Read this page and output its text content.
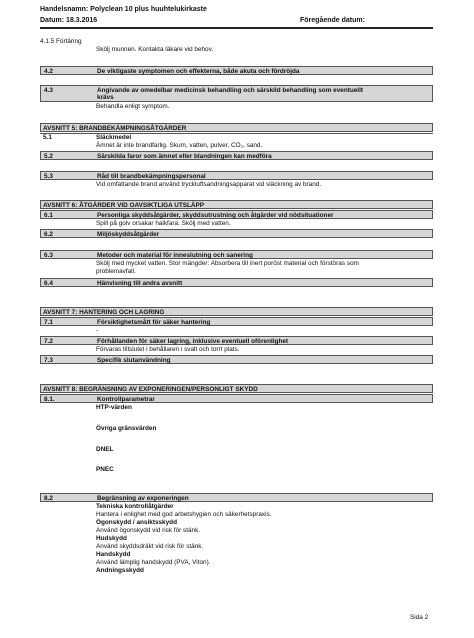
Handelsnamn: Polyclean 10 plus huuhtelukirkaste
Datum: 18.3.2016	Föregående datum:
4.1.5 Förtäring
Skölj munnen. Kontakta läkare vid behov.
4.2	De viktigaste symptomen och effekterna, både akuta och fördröjda
4.3	Angivande av omedelbar medicinsk behandling och särskild behandling som eventuellt
krävs
Behandla enligt symptom.
AVSNITT 5: BRANDBEKÄMPNINGSÅTGÄRDER
5.1	Släckmedel
Ämnet är inte brandfarlig. Skum, vatten, pulver, CO₂, sand.
5.2	Särskilda faror som ämnet eller blandningen kan medföra
5.3	Råd till brandbekämpningspersonal
Vid omfattande brand använd tryckluftsandningsapparat vid släckning av brand.
AVSNITT 6: ÅTGÄRDER VID OAVSIKTLIGA UTSLÄPP
6.1	Personliga skyddsåtgärder, skyddsutrustning och åtgärder vid nödsituationer
Spill på golv orsakar halkfara. Skölj med vatten.
6.2	Miljöskyddsåtgärder
6.3	Metoder och material för inneslutning och sanering
Skölj med mycket vatten. Stor mängder: Absorbera till inert poröst material och förstöras som
problemavfall.
6.4	Hänvisning till andra avsnitt
AVSNITT 7: HANTERING OCH LAGRING
7.1	Försiktighetsmått för säker hantering
-
7.2	Förhållanden för säker lagring, inklusive eventuell oförenlighet
Förvaras tillslutet i behållaren i svalt och torrt plats.
7.3	Specifik slutanvändning
AVSNITT 8: BEGRÄNSNING AV EXPONERINGEN/PERSONLIGT SKYDD
8.1.	Kontrollparametrar
HTP-värden
Övriga gränsvärden
DNEL
PNEC
8.2	Begränsning av exponeringen
Tekniska kontrollåtgärder
Hantera i enlighet med god arbetshygien och säkerhetspraxis.
Ögonskydd / ansiktsskydd
Använd ögonskydd vid risk för stänk.
Hudskydd
Använd skyddsdräkt vid risk för stänk.
Handskydd
Använd lämplig handskydd (PVA, Viton).
Andningsskydd
Sida 2
